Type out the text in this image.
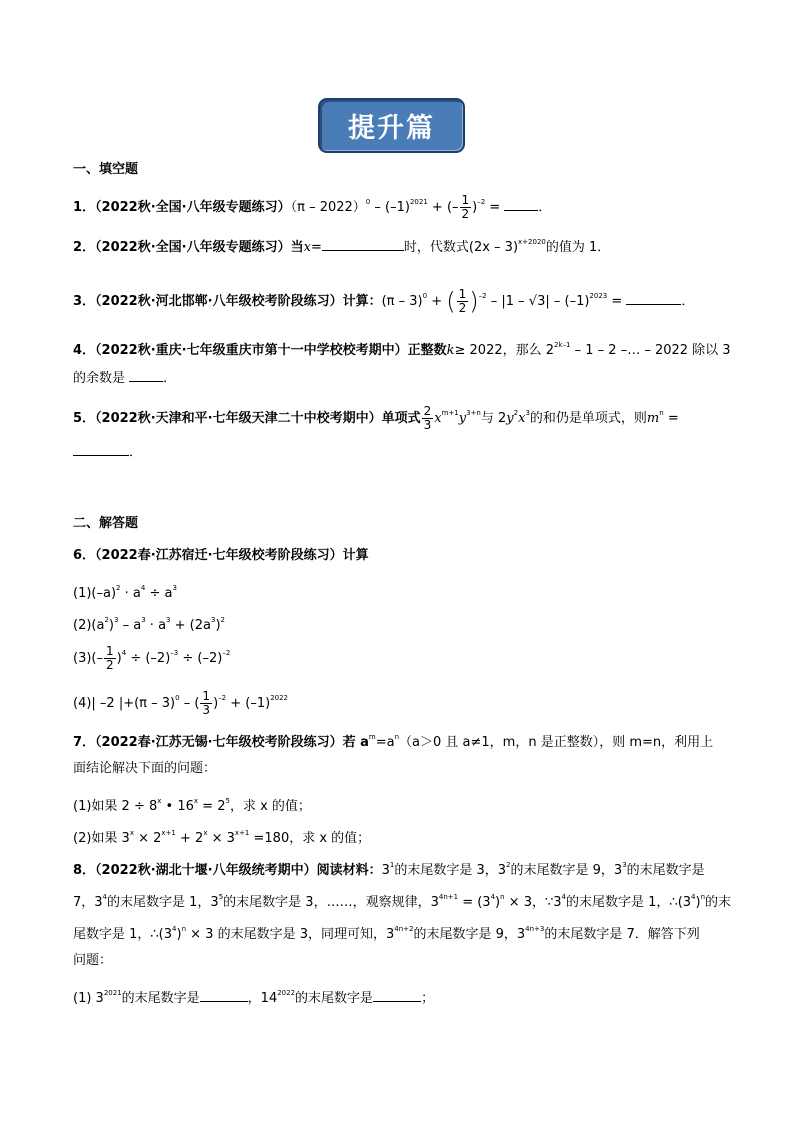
提升篇
一、填空题
1．（2022秋·全国·八年级专题练习）$(\pi - 2022)^0 - (-1)^{2021}$ + (– $\frac{1}{2} )^{-2}$ =	．
2．（2022秋·全国·八年级专题练习）当x=	时，代数式(2x – 3)$^{x+2020}$的值为 1．
3．（2022秋·河北邯郸·八年级校考阶段练习）计算：(π – 3)$^0$ + ( $\frac{1}{2} )^{-2} - |1 - √3| - (-1)^{2023}$ =	．
4．（2022秋·重庆·七年级重庆市第十一中学校校考期中）正整数k≥ 2022，那么 $2^{2k-1} - 1 - 2$ –… – 2022 除以 3
的余数是	．
5．（2022秋·天津和平·七年级天津二十中校考期中）单项式 $\frac{2}{3} x^{m+1}y^{3+n}$与 $2y^2x^3$的和仍是单项式，则$m^n$ =
．
二、解答题
6．（2022春·江苏宿迁·七年级校考阶段练习）计算
$(1)(-a)^2 \cdot a^4 \div a^3$
$(2)(a^2)^3 - a^3 \cdot a^3 + (2a^3)^2$
$(3)(- \frac{1}{2} )^4 \div (-2)^{-3} \div (-2)^{-2}$
(4)| –2 |+(π – 3)$^0$ – ( $\frac{1}{3} )^{-2} + (-1)^{2022}$
7．（2022春·江苏无锡·七年级校考阶段练习）若 $a^m=a^n(a>0$ 且 a≠1，m，n 是正整数），则 m=n，利用上
面结论解决下面的问题：
(1)如果 $2 \div 8^x$ • $16^x = 2^5$，求 x 的值；
(2)如果 $3^x \times 2^{x+1} + 2^x \times 3^{x+1} =180$，求 x 的值；
8．（2022秋·湖北十堰·八年级统考期中）阅读材料：$3^1$的末尾数字是 3，$3^2$的末尾数字是 9，$3^3$的末尾数字是
7，$3^4$的末尾数字是 1，$3^5$的末尾数字是 3，……，观察规律，$3^{4n+1} = (3^4)^n \times 3$，$\because 3^4$的末尾数字是 1，$\therefore(3^4)^n$的末
尾数字是 1，$\therefore(3^4)^n \times 3$ 的末尾数字是 3，同理可知，$3^{4n+2}$的末尾数字是 9，$3^{4n+3}$的末尾数字是 7．解答下列
问题：
(1) $3^{2021}$的末尾数字是	，$14^{2022}$的末尾数字是	；
